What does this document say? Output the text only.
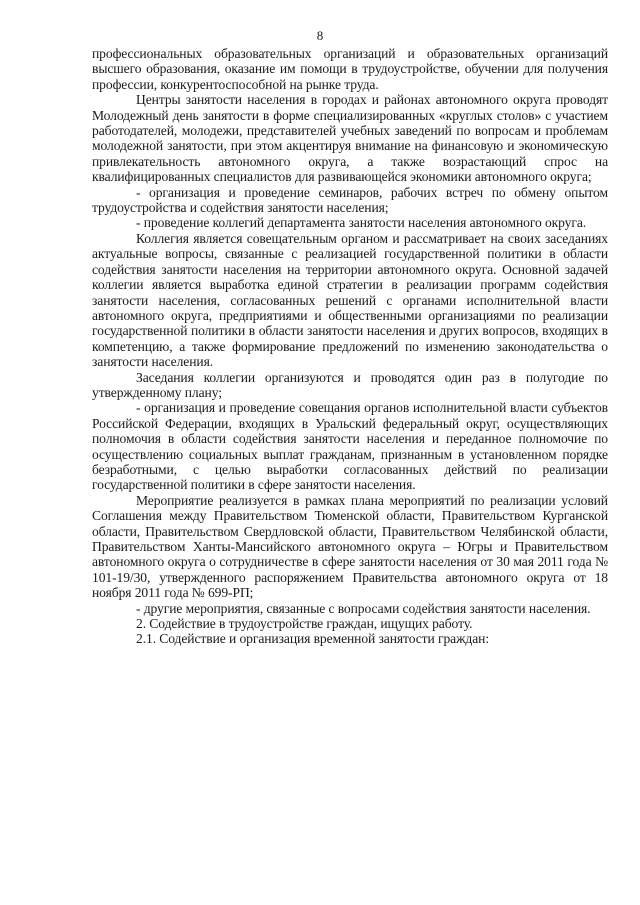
8

профессиональных образовательных организаций и образовательных организаций высшего образования, оказание им помощи в трудоустройстве, обучении для получения профессии, конкурентоспособной на рынке труда.

Центры занятости населения в городах и районах автономного округа проводят Молодежный день занятости в форме специализированных «круглых столов» с участием работодателей, молодежи, представителей учебных заведений по вопросам и проблемам молодежной занятости, при этом акцентируя внимание на финансовую и экономическую привлекательность автономного округа, а также возрастающий спрос на квалифицированных специалистов для развивающейся экономики автономного округа;

- организация и проведение семинаров, рабочих встреч по обмену опытом трудоустройства и содействия занятости населения;

- проведение коллегий департамента занятости населения автономного округа.

Коллегия является совещательным органом и рассматривает на своих заседаниях актуальные вопросы, связанные с реализацией государственной политики в области содействия занятости населения на территории автономного округа. Основной задачей коллегии является выработка единой стратегии в реализации программ содействия занятости населения, согласованных решений с органами исполнительной власти автономного округа, предприятиями и общественными организациями по реализации государственной политики в области занятости населения и других вопросов, входящих в компетенцию, а также формирование предложений по изменению законодательства о занятости населения.

Заседания коллегии организуются и проводятся один раз в полугодие по утвержденному плану;

- организация и проведение совещания органов исполнительной власти субъектов Российской Федерации, входящих в Уральский федеральный округ, осуществляющих полномочия в области содействия занятости населения и переданное полномочие по осуществлению социальных выплат гражданам, признанным в установленном порядке безработными, с целью выработки согласованных действий по реализации государственной политики в сфере занятости населения.

Мероприятие реализуется в рамках плана мероприятий по реализации условий Соглашения между Правительством Тюменской области, Правительством Курганской области, Правительством Свердловской области, Правительством Челябинской области, Правительством Ханты-Мансийского автономного округа – Югры и Правительством автономного округа о сотрудничестве в сфере занятости населения от 30 мая 2011 года № 101-19/30, утвержденного распоряжением Правительства автономного округа от 18 ноября 2011 года № 699-РП;

- другие мероприятия, связанные с вопросами содействия занятости населения.

2. Содействие в трудоустройстве граждан, ищущих работу.

2.1. Содействие и организация временной занятости граждан:
